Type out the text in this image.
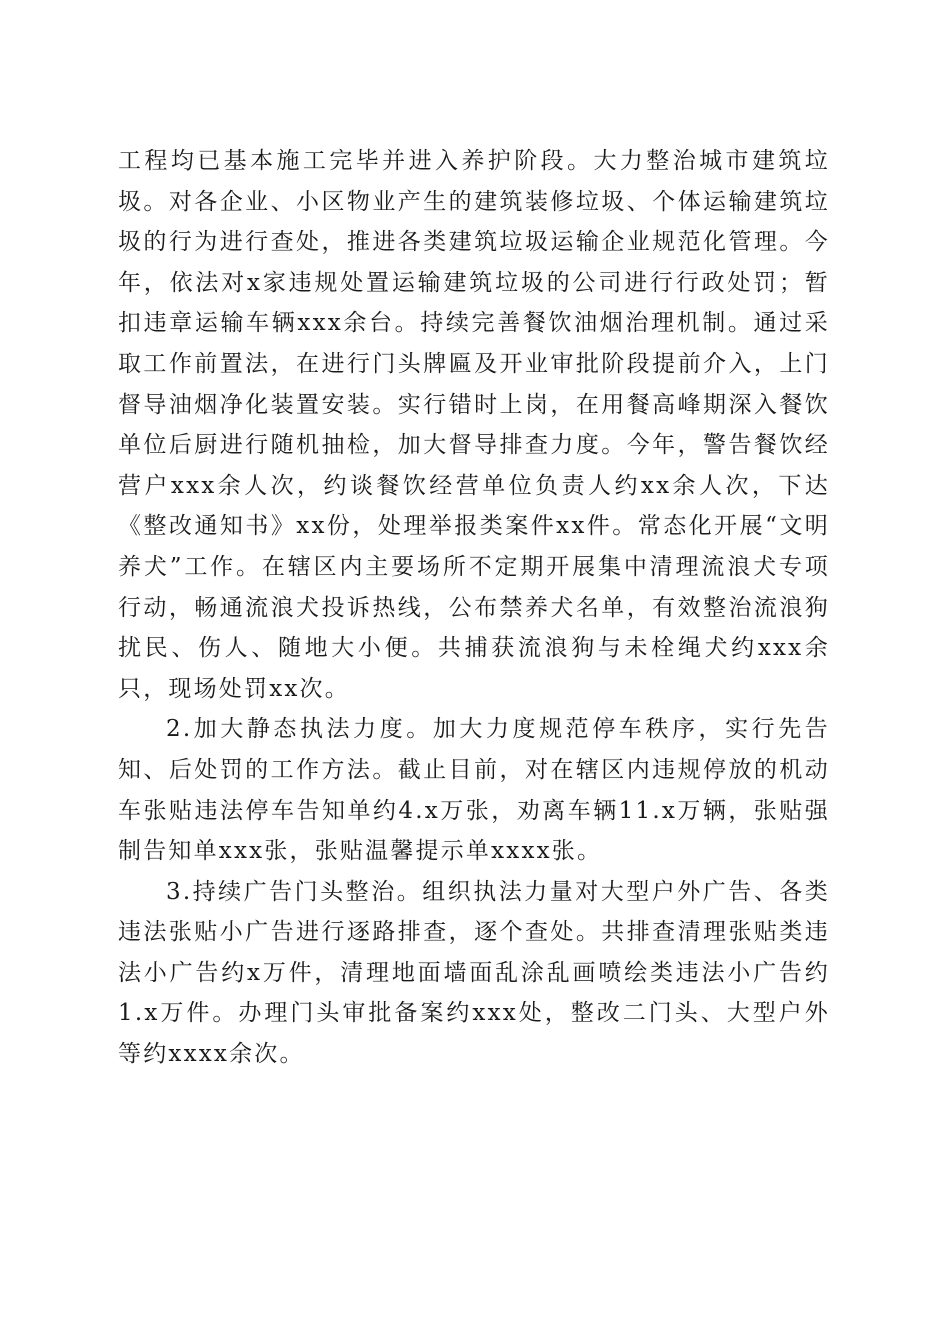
工程均已基本施工完毕并进入养护阶段。大力整治城市建筑垃圾。对各企业、小区物业产生的建筑装修垃圾、个体运输建筑垃圾的行为进行查处，推进各类建筑垃圾运输企业规范化管理。今年，依法对x家违规处置运输建筑垃圾的公司进行行政处罚；暂扣违章运输车辆xxx余台。持续完善餐饮油烟治理机制。通过采取工作前置法，在进行门头牌匾及开业审批阶段提前介入，上门督导油烟净化装置安装。实行错时上岗，在用餐高峰期深入餐饮单位后厨进行随机抽检，加大督导排查力度。今年，警告餐饮经营户xxx余人次，约谈餐饮经营单位负责人约xx余人次，下达《整改通知书》xx份，处理举报类案件xx件。常态化开展“文明养犬”工作。在辖区内主要场所不定期开展集中清理流浪犬专项行动，畅通流浪犬投诉热线，公布禁养犬名单，有效整治流浪狗扰民、伤人、随地大小便。共捕获流浪狗与未栓绳犬约xxx余只，现场处罚xx次。

2.加大静态执法力度。加大力度规范停车秩序，实行先告知、后处罚的工作方法。截止目前，对在辖区内违规停放的机动车张贴违法停车告知单约4.x万张，劝离车辆11.x万辆，张贴强制告知单xxx张，张贴温馨提示单xxxx张。

3.持续广告门头整治。组织执法力量对大型户外广告、各类违法张贴小广告进行逐路排查，逐个查处。共排查清理张贴类违法小广告约x万件，清理地面墙面乱涂乱画喷绘类违法小广告约1.x万件。办理门头审批备案约xxx处，整改二门头、大型户外等约xxxx余次。
